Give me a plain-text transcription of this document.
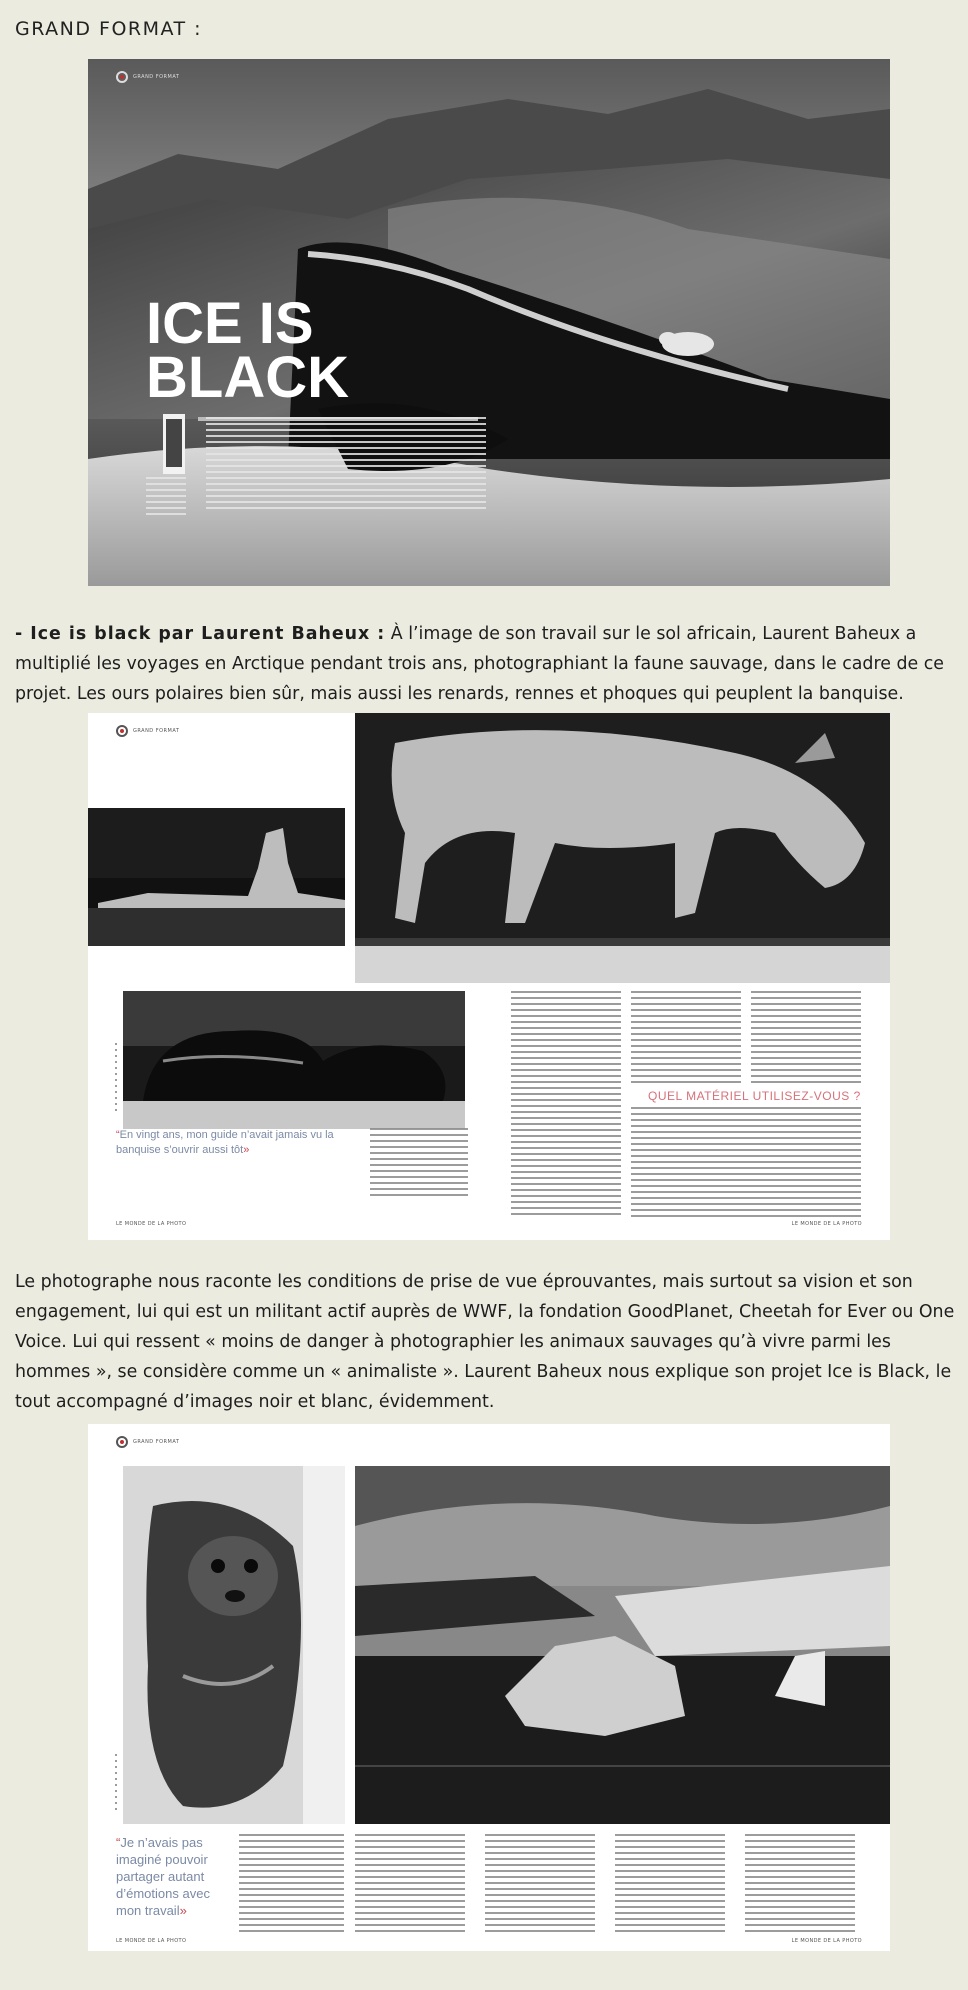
GRAND FORMAT :
GRAND FORMAT
ICE IS
BLACK
- Ice is black par Laurent Baheux : À l’image de son travail sur le sol africain, Laurent Baheux a multiplié les voyages en Arctique pendant trois ans, photographiant la faune sauvage, dans le cadre de ce projet. Les ours polaires bien sûr, mais aussi les renards, rennes et phoques qui peuplent la banquise.
GRAND FORMAT
“En vingt ans, mon guide n’avait jamais vu la banquise s’ouvrir aussi tôt»
QUEL MATÉRIEL UTILISEZ-VOUS ?
LE MONDE DE LA PHOTO	LE MONDE DE LA PHOTO
Le photographe nous raconte les conditions de prise de vue éprouvantes, mais surtout sa vision et son engagement, lui qui est un militant actif auprès de WWF, la fondation GoodPlanet, Cheetah for Ever ou One Voice. Lui qui ressent « moins de danger à photographier les animaux sauvages qu’à vivre parmi les hommes », se considère comme un « animaliste ». Laurent Baheux nous explique son projet Ice is Black, le tout accompagné d’images noir et blanc, évidemment.
GRAND FORMAT
“Je n’avais pas imaginé pouvoir partager autant d’émotions avec mon travail»
LE MONDE DE LA PHOTO	LE MONDE DE LA PHOTO
